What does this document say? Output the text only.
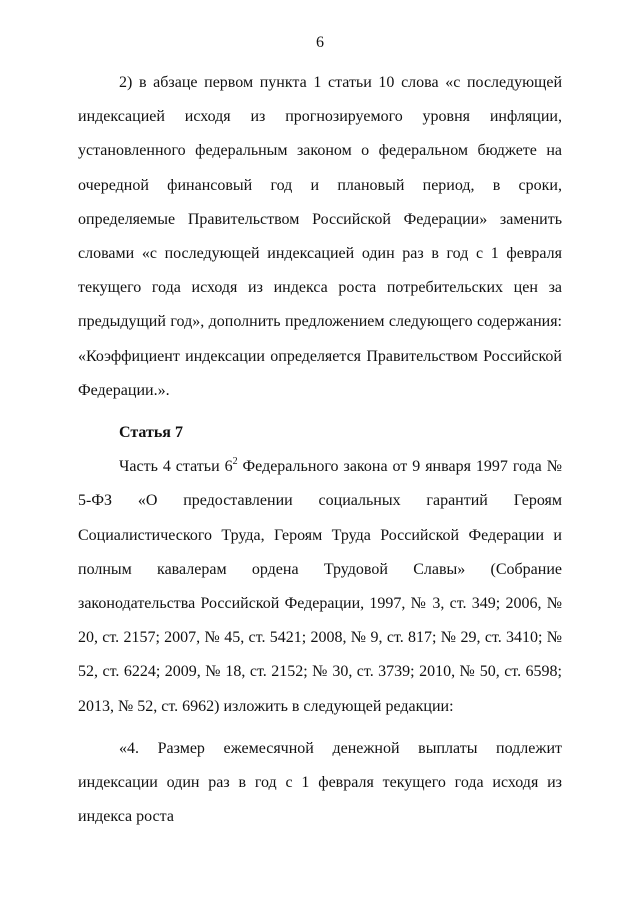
6

2) в абзаце первом пункта 1 статьи 10 слова «с последующей индексацией исходя из прогнозируемого уровня инфляции, установленного федеральным законом о федеральном бюджете на очередной финансовый год и плановый период, в сроки, определяемые Правительством Российской Федерации» заменить словами «с последующей индексацией один раз в год с 1 февраля текущего года исходя из индекса роста потребительских цен за предыдущий год», дополнить предложением следующего содержания: «Коэффициент индексации определяется Правительством Российской Федерации.».

Статья 7

Часть 4 статьи $6^2$ Федерального закона от 9 января 1997 года № 5-ФЗ «О предоставлении социальных гарантий Героям Социалистического Труда, Героям Труда Российской Федерации и полным кавалерам ордена Трудовой Славы» (Собрание законодательства Российской Федерации, 1997, № 3, ст. 349; 2006, № 20, ст. 2157; 2007, № 45, ст. 5421; 2008, № 9, ст. 817; № 29, ст. 3410; № 52, ст. 6224; 2009, № 18, ст. 2152; № 30, ст. 3739; 2010, № 50, ст. 6598; 2013, № 52, ст. 6962) изложить в следующей редакции:

«4. Размер ежемесячной денежной выплаты подлежит индексации один раз в год с 1 февраля текущего года исходя из индекса роста
